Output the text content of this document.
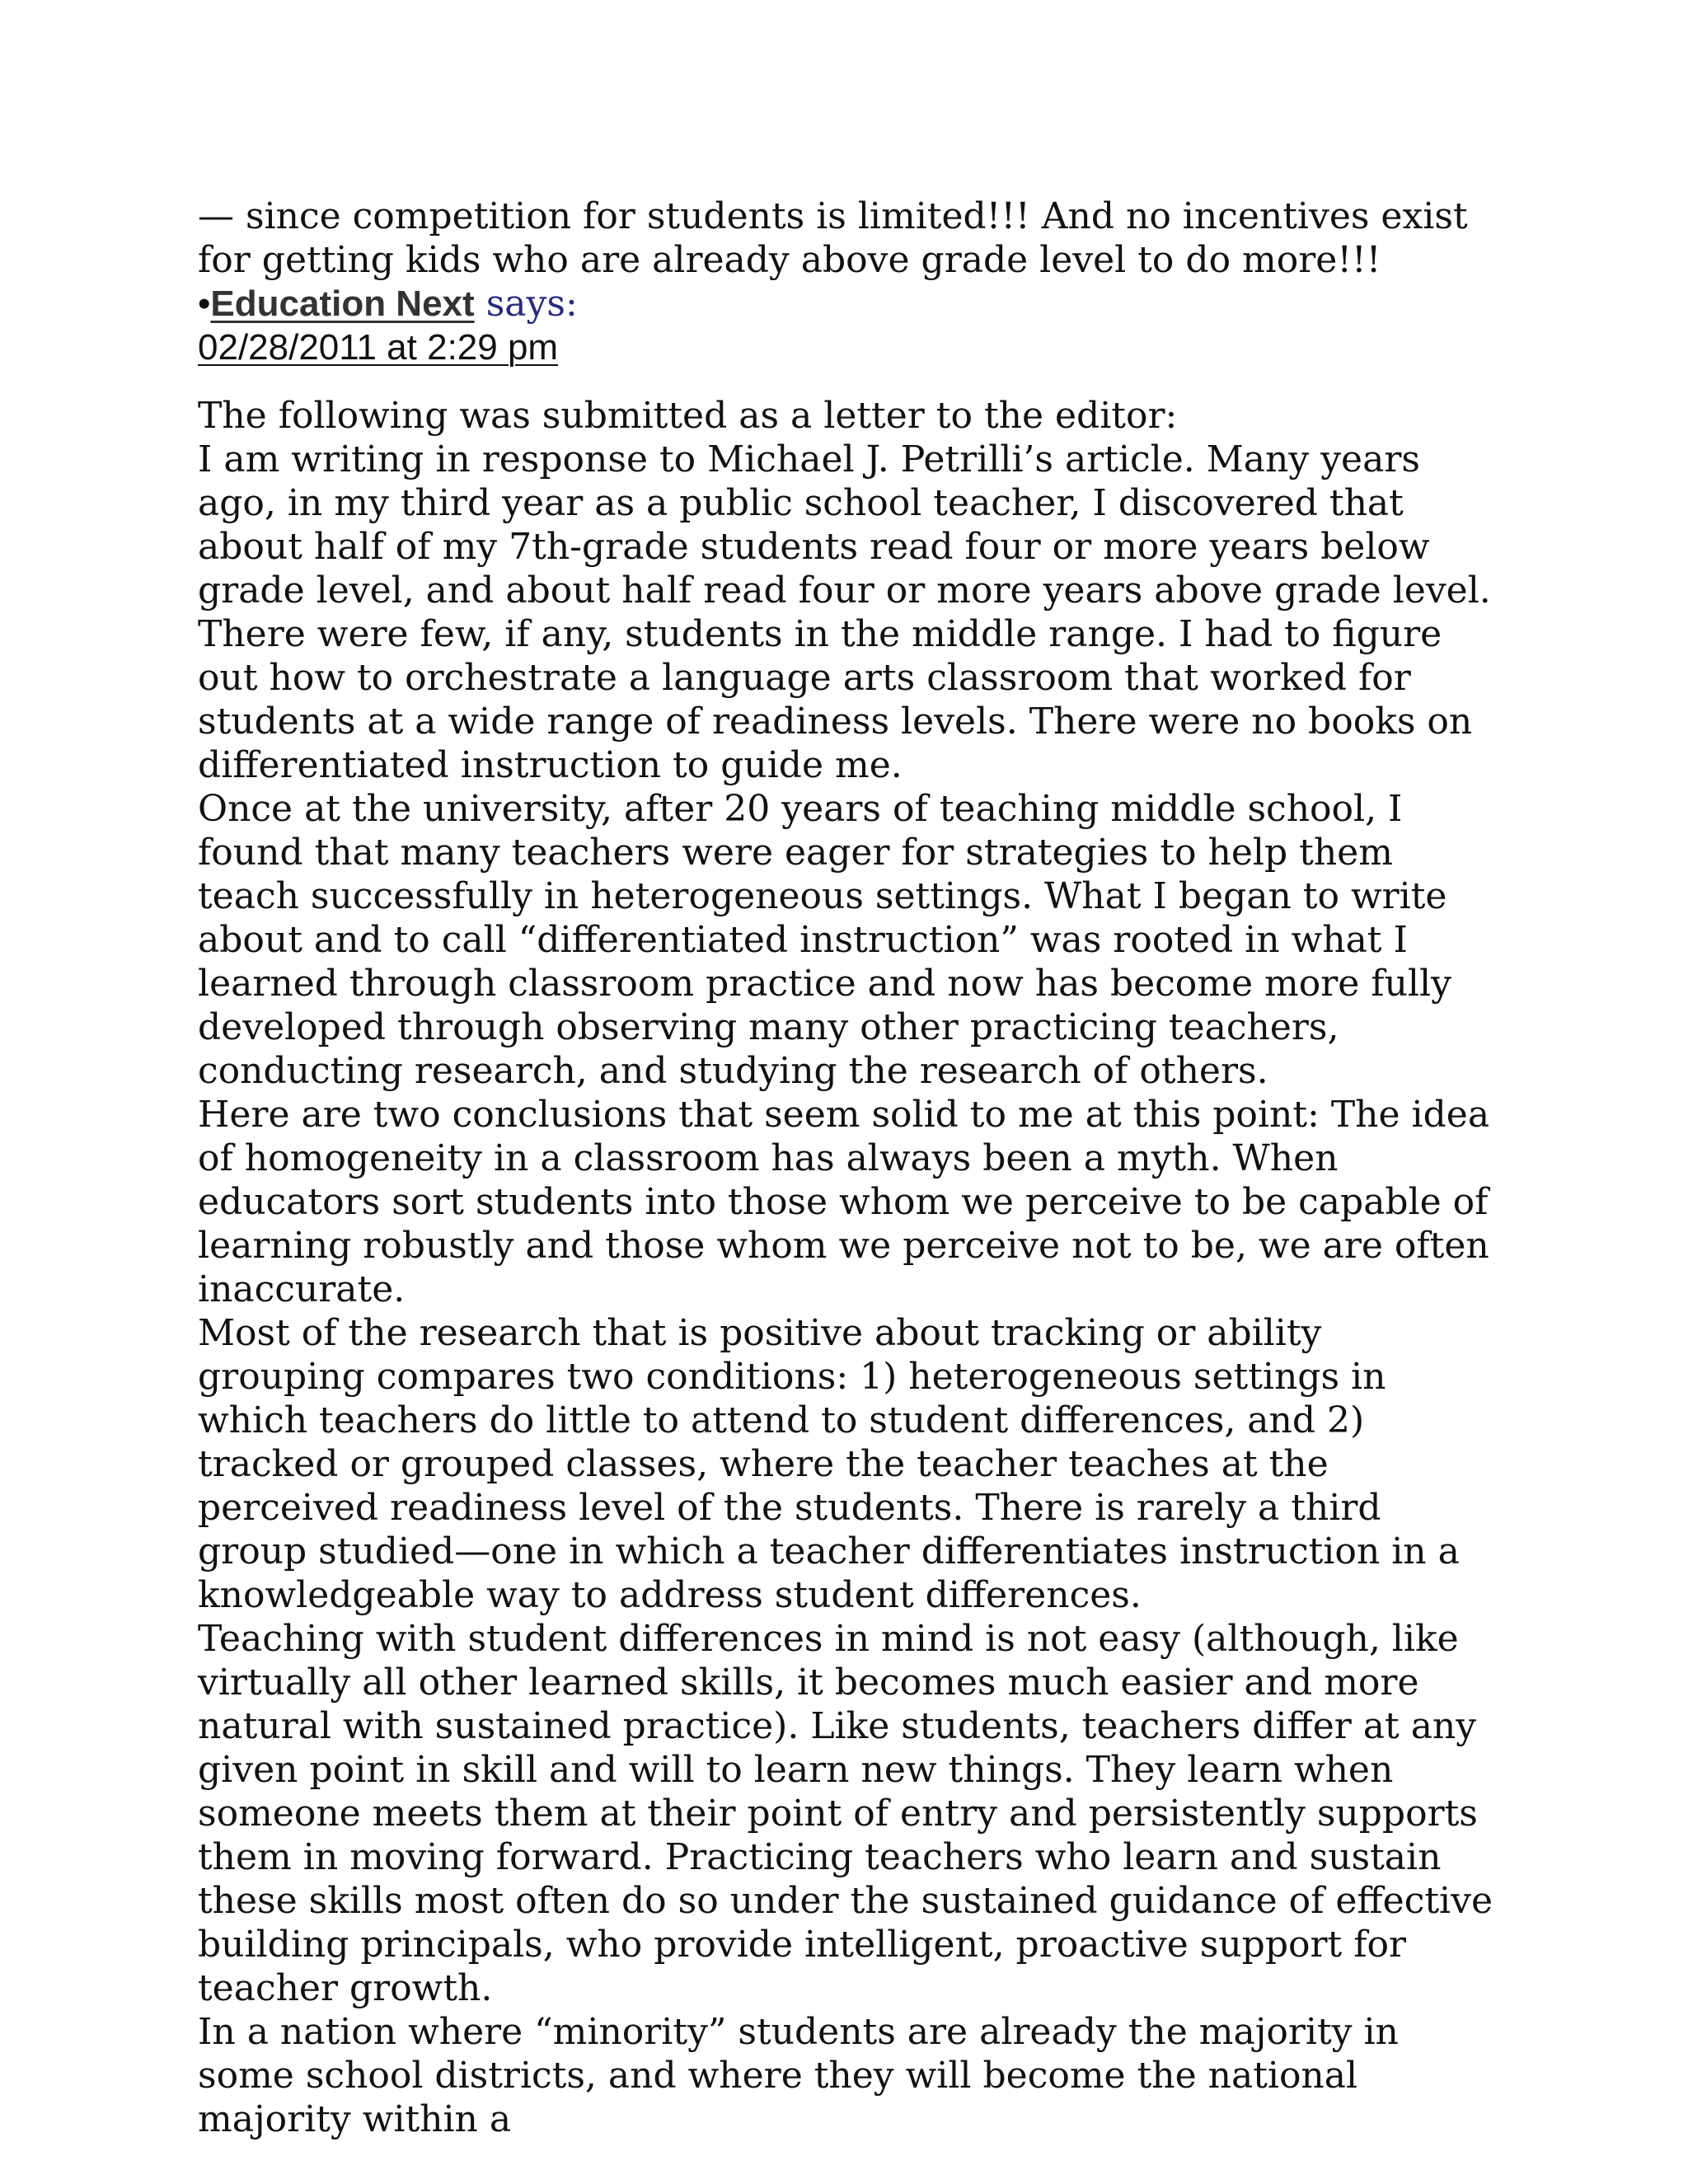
— since competition for students is limited!!! And no incentives exist for getting kids who are already above grade level to do more!!!

•Education Next says:

02/28/2011 at 2:29 pm

The following was submitted as a letter to the editor:

I am writing in response to Michael J. Petrilli’s article. Many years ago, in my third year as a public school teacher, I discovered that about half of my 7th-grade students read four or more years below grade level, and about half read four or more years above grade level. There were few, if any, students in the middle range. I had to figure out how to orchestrate a language arts classroom that worked for students at a wide range of readiness levels. There were no books on differentiated instruction to guide me.

Once at the university, after 20 years of teaching middle school, I found that many teachers were eager for strategies to help them teach successfully in heterogeneous settings. What I began to write about and to call “differentiated instruction” was rooted in what I learned through classroom practice and now has become more fully developed through observing many other practicing teachers, conducting research, and studying the research of others.

Here are two conclusions that seem solid to me at this point: The idea of homogeneity in a classroom has always been a myth. When educators sort students into those whom we perceive to be capable of learning robustly and those whom we perceive not to be, we are often inaccurate.

Most of the research that is positive about tracking or ability grouping compares two conditions: 1) heterogeneous settings in which teachers do little to attend to student differences, and 2) tracked or grouped classes, where the teacher teaches at the perceived readiness level of the students. There is rarely a third group studied—one in which a teacher differentiates instruction in a knowledgeable way to address student differences.

Teaching with student differences in mind is not easy (although, like virtually all other learned skills, it becomes much easier and more natural with sustained practice). Like students, teachers differ at any given point in skill and will to learn new things. They learn when someone meets them at their point of entry and persistently supports them in moving forward. Practicing teachers who learn and sustain these skills most often do so under the sustained guidance of effective building principals, who provide intelligent, proactive support for teacher growth.

In a nation where “minority” students are already the majority in some school districts, and where they will become the national majority within a
